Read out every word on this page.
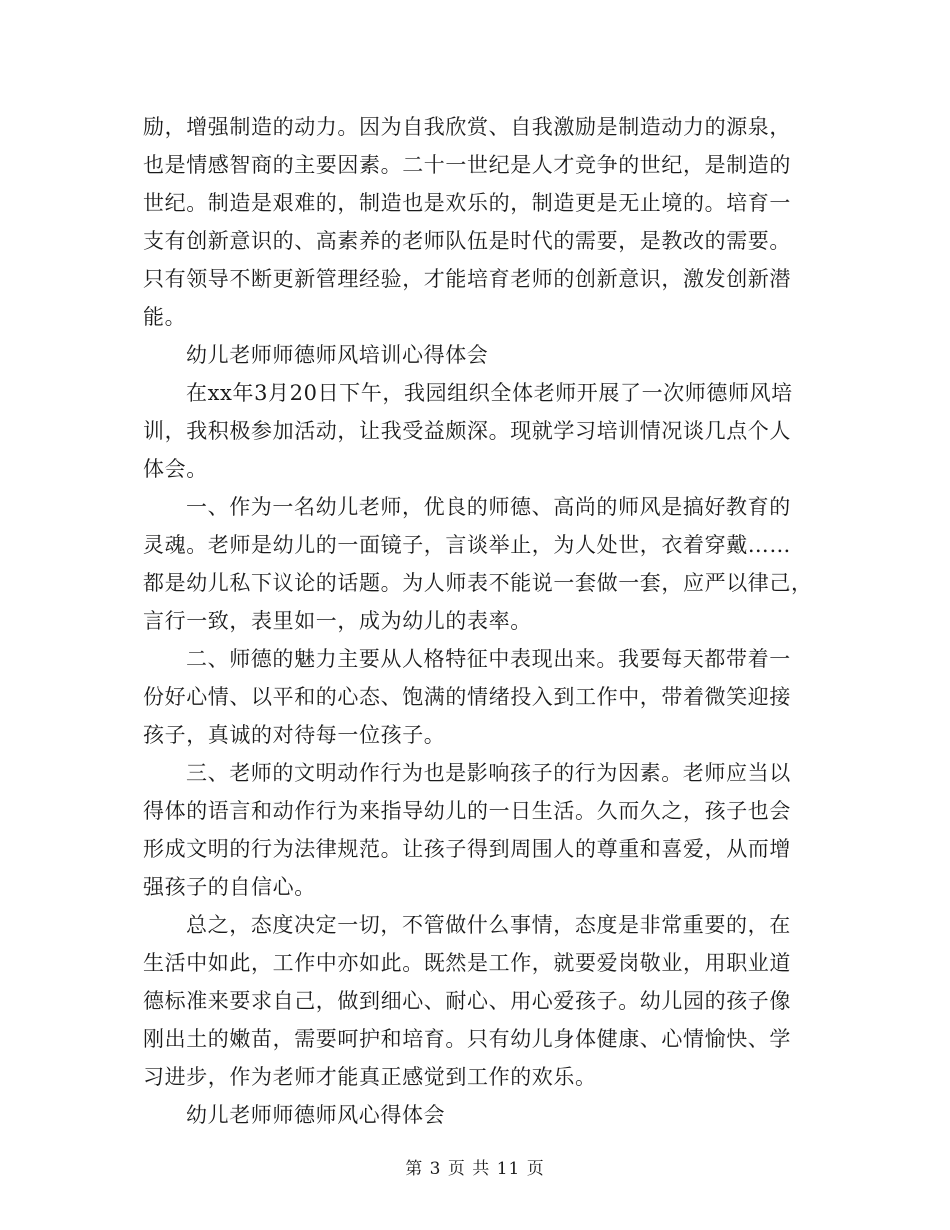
励，增强制造的动力。因为自我欣赏、自我激励是制造动力的源泉，
也是情感智商的主要因素。二十一世纪是人才竞争的世纪，是制造的
世纪。制造是艰难的，制造也是欢乐的，制造更是无止境的。培育一
支有创新意识的、高素养的老师队伍是时代的需要，是教改的需要。
只有领导不断更新管理经验，才能培育老师的创新意识，激发创新潜
能。
幼儿老师师德师风培训心得体会
在xx年3月20日下午，我园组织全体老师开展了一次师德师风培
训，我积极参加活动，让我受益颇深。现就学习培训情况谈几点个人
体会。
一、作为一名幼儿老师，优良的师德、高尚的师风是搞好教育的
灵魂。老师是幼儿的一面镜子，言谈举止，为人处世，衣着穿戴……
都是幼儿私下议论的话题。为人师表不能说一套做一套，应严以律己，
言行一致，表里如一，成为幼儿的表率。
二、师德的魅力主要从人格特征中表现出来。我要每天都带着一
份好心情、以平和的心态、饱满的情绪投入到工作中，带着微笑迎接
孩子，真诚的对待每一位孩子。
三、老师的文明动作行为也是影响孩子的行为因素。老师应当以
得体的语言和动作行为来指导幼儿的一日生活。久而久之，孩子也会
形成文明的行为法律规范。让孩子得到周围人的尊重和喜爱，从而增
强孩子的自信心。
总之，态度决定一切，不管做什么事情，态度是非常重要的，在
生活中如此，工作中亦如此。既然是工作，就要爱岗敬业，用职业道
德标准来要求自己，做到细心、耐心、用心爱孩子。幼儿园的孩子像
刚出土的嫩苗，需要呵护和培育。只有幼儿身体健康、心情愉快、学
习进步，作为老师才能真正感觉到工作的欢乐。
幼儿老师师德师风心得体会
第 3 页 共 11 页
